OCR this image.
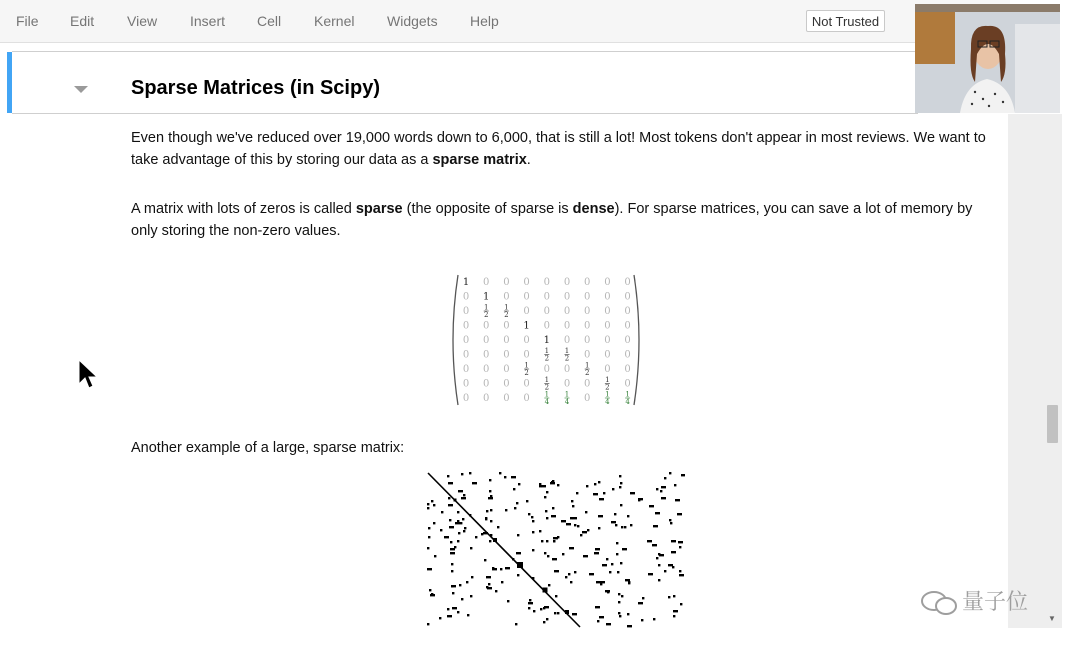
File Edit View Insert Cell Kernel Widgets Help	Not Trusted
Sparse Matrices (in Scipy)
Even though we've reduced over 19,000 words down to 6,000, that is still a lot! Most tokens don't appear in most reviews. We want to take advantage of this by storing our data as a sparse matrix.
A matrix with lots of zeros is called sparse (the opposite of sparse is dense). For sparse matrices, you can save a lot of memory by only storing the non-zero values.
1 0 0 0 0 0 0 0 0
0 1 0 0 0 0 0 0 0
0 1
2
1
2 0 0 0 0 0 0
0 0 0 1 0 0 0 0 0
0 0 0 0 1 0 0 0 0
0 0 0 0 1
2
1
2 0 0 0
0 0 0 1
2 0 0 1
2 0 0
0 0 0 0 1
2 0 0 1
2 0
0 0 0 0 1
4
1
4 0 1
4
1
4
Another example of a large, sparse matrix:
▼
量子位
